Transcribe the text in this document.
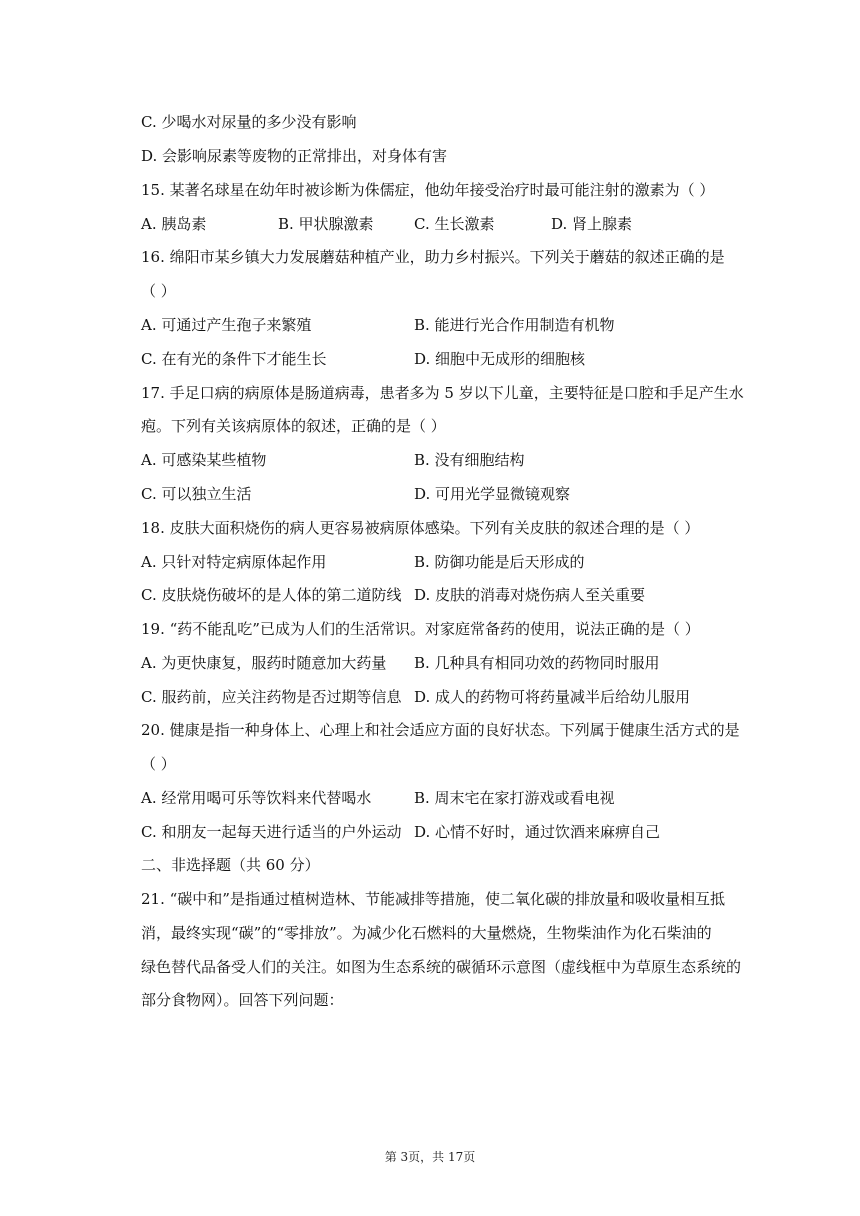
C. 少喝水对尿量的多少没有影响
D. 会影响尿素等废物的正常排出，对身体有害
15. 某著名球星在幼年时被诊断为侏儒症，他幼年接受治疗时最可能注射的激素为（ ）
A. 胰岛素	B. 甲状腺激素	C. 生长激素	D. 肾上腺素
16. 绵阳市某乡镇大力发展蘑菇种植产业，助力乡村振兴。下列关于蘑菇的叙述正确的是
（ ）
A. 可通过产生孢子来繁殖	B. 能进行光合作用制造有机物
C. 在有光的条件下才能生长	D. 细胞中无成形的细胞核
17. 手足口病的病原体是肠道病毒，患者多为 5 岁以下儿童，主要特征是口腔和手足产生水
疱。下列有关该病原体的叙述，正确的是（ ）
A. 可感染某些植物	B. 没有细胞结构
C. 可以独立生活	D. 可用光学显微镜观察
18. 皮肤大面积烧伤的病人更容易被病原体感染。下列有关皮肤的叙述合理的是（ ）
A. 只针对特定病原体起作用	B. 防御功能是后天形成的
C. 皮肤烧伤破坏的是人体的第二道防线 D. 皮肤的消毒对烧伤病人至关重要
19. “药不能乱吃”已成为人们的生活常识。对家庭常备药的使用，说法正确的是（ ）
A. 为更快康复，服药时随意加大药量 B. 几种具有相同功效的药物同时服用
C. 服药前，应关注药物是否过期等信息 D. 成人的药物可将药量减半后给幼儿服用
20. 健康是指一种身体上、心理上和社会适应方面的良好状态。下列属于健康生活方式的是
（ ）
A. 经常用喝可乐等饮料来代替喝水	B. 周末宅在家打游戏或看电视
C. 和朋友一起每天进行适当的户外运动 D. 心情不好时，通过饮酒来麻痹自己
二、非选择题（共 60 分）
21. “碳中和”是指通过植树造林、节能减排等措施，使二氧化碳的排放量和吸收量相互抵
消，最终实现“碳”的“零排放”。为减少化石燃料的大量燃烧，生物柴油作为化石柴油的
绿色替代品备受人们的关注。如图为生态系统的碳循环示意图（虚线框中为草原生态系统的
部分食物网）。回答下列问题：
第 3页，共 17页
